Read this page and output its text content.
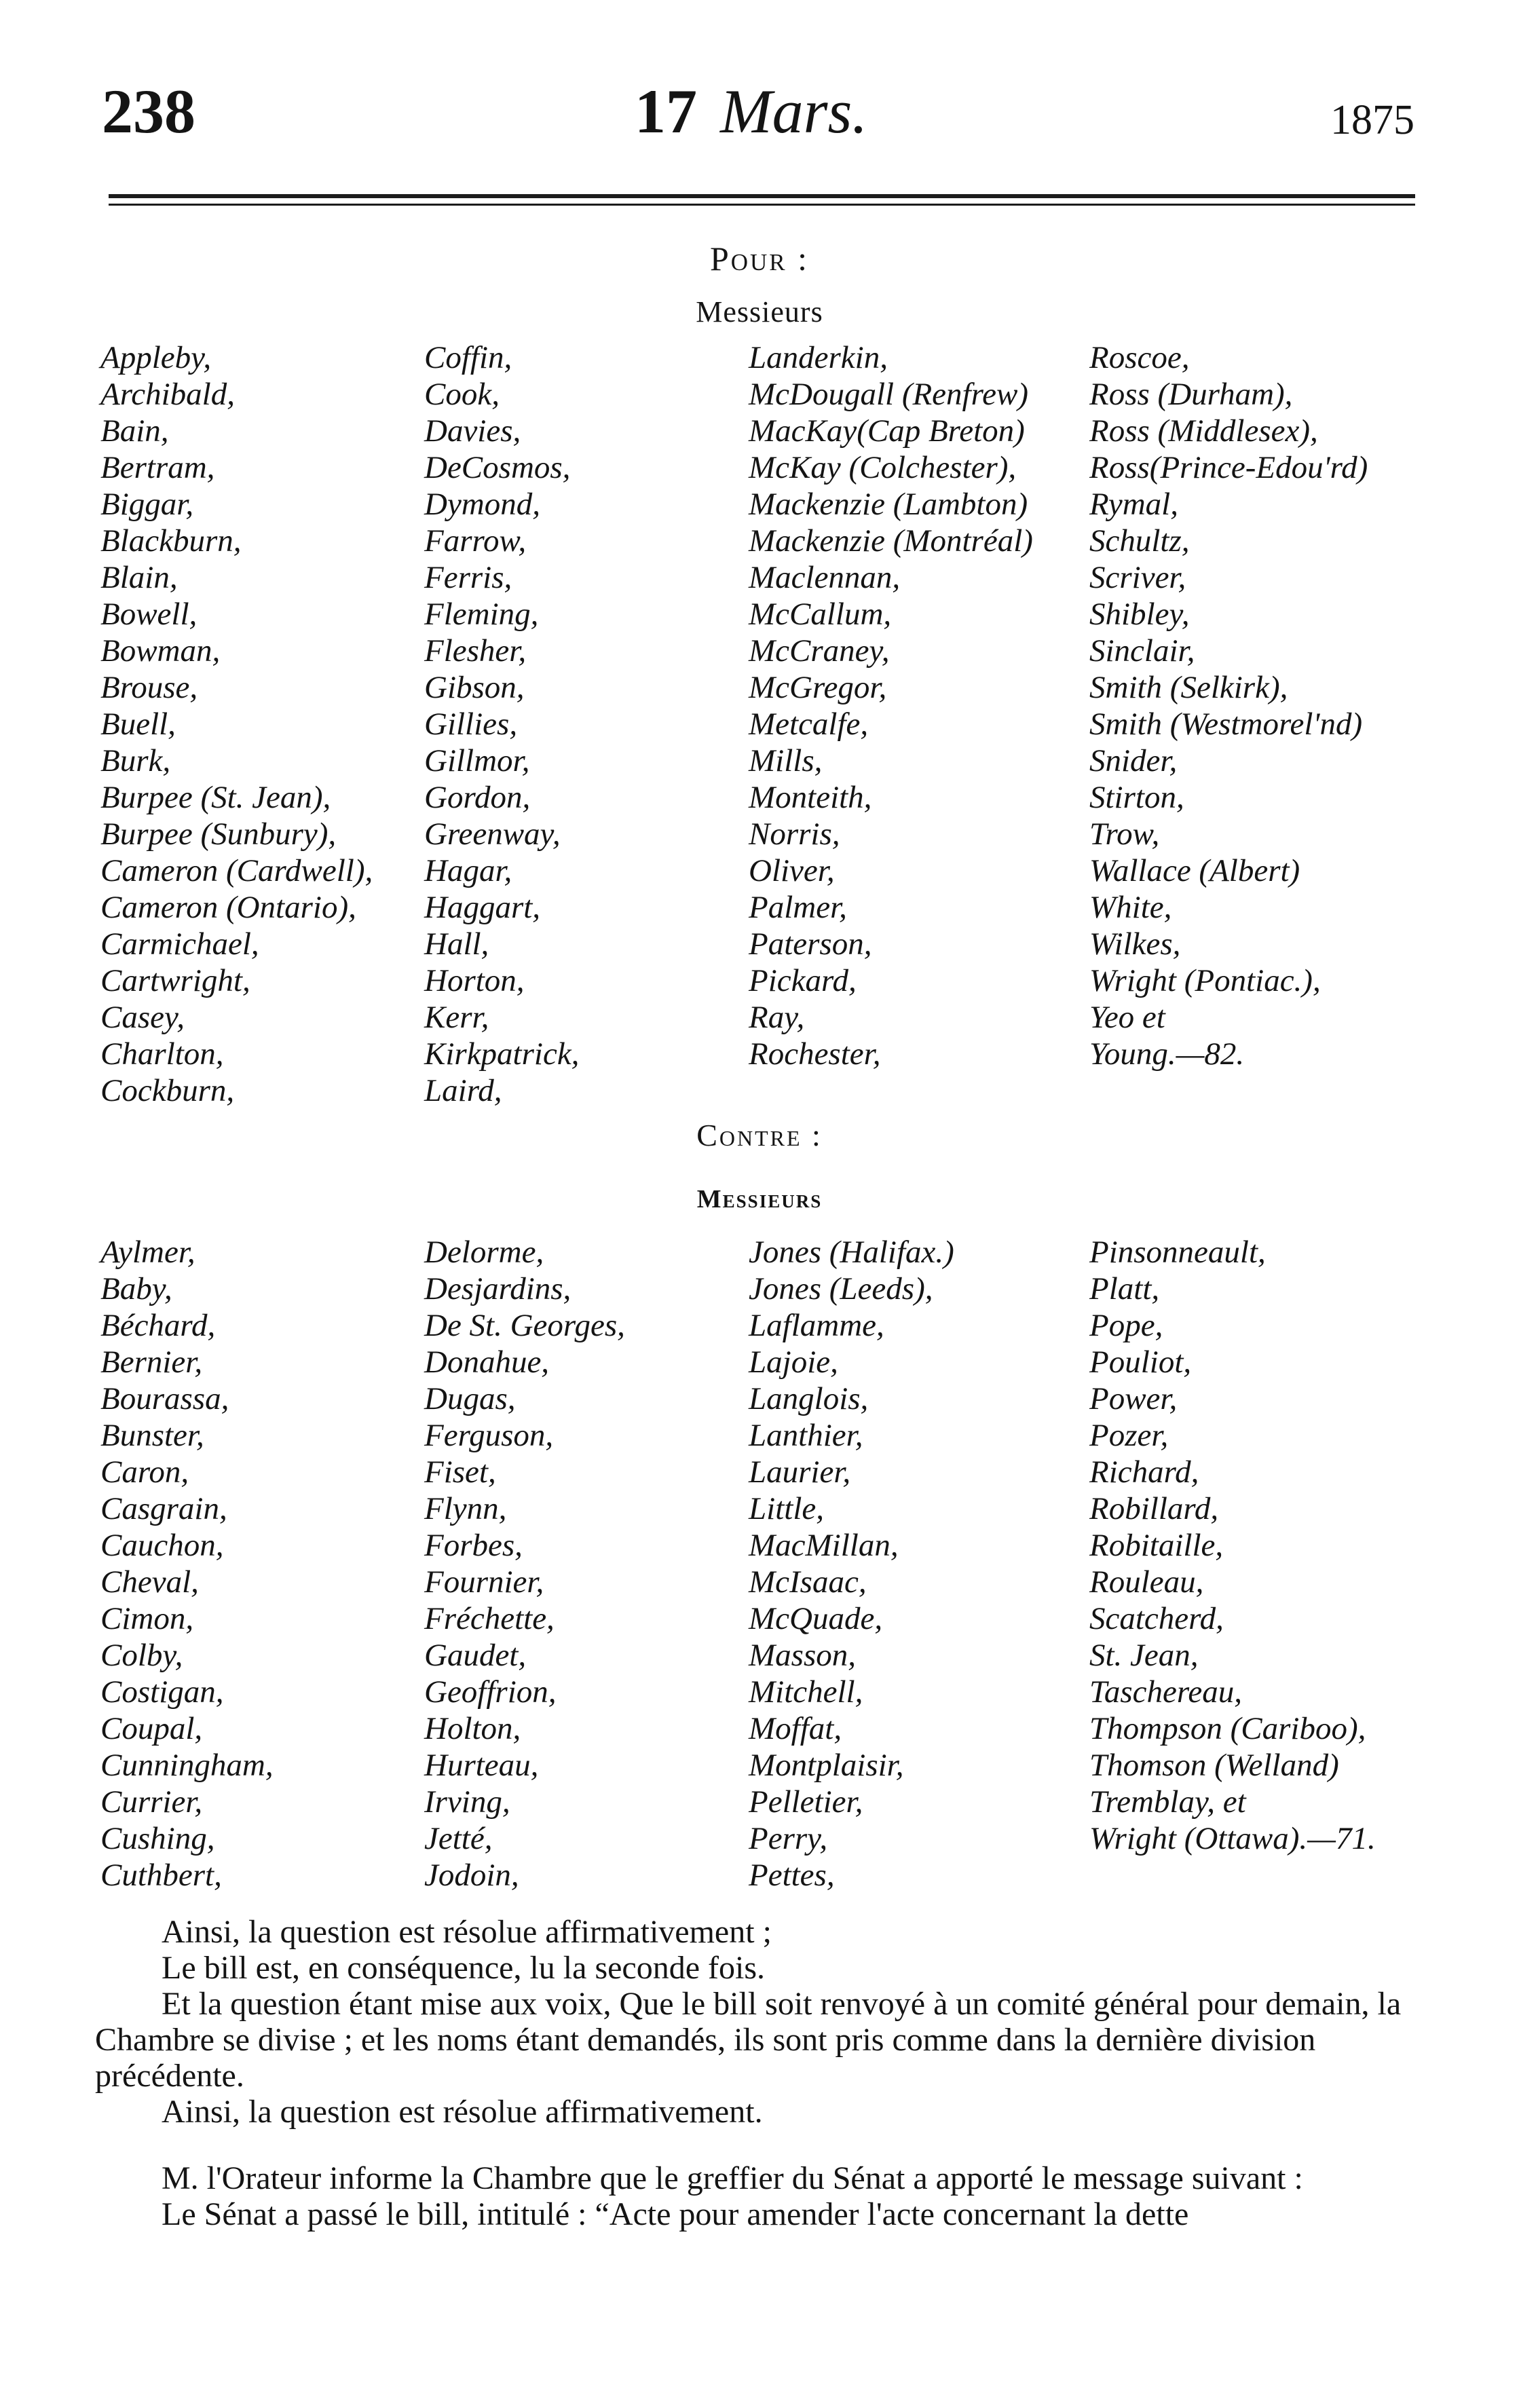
238	17 Mars.	1875
Pour :
Messieurs
Appleby,
Archibald,
Bain,
Bertram,
Biggar,
Blackburn,
Blain,
Bowell,
Bowman,
Brouse,
Buell,
Burk,
Burpee (St. Jean),
Burpee (Sunbury),
Cameron (Cardwell),
Cameron (Ontario),
Carmichael,
Cartwright,
Casey,
Charlton,
Cockburn,
Coffin,
Cook,
Davies,
DeCosmos,
Dymond,
Farrow,
Ferris,
Fleming,
Flesher,
Gibson,
Gillies,
Gillmor,
Gordon,
Greenway,
Hagar,
Haggart,
Hall,
Horton,
Kerr,
Kirkpatrick,
Laird,
Landerkin,
McDougall (Renfrew)
MacKay(Cap Breton)
McKay (Colchester),
Mackenzie (Lambton)
Mackenzie (Montréal)
Maclennan,
McCallum,
McCraney,
McGregor,
Metcalfe,
Mills,
Monteith,
Norris,
Oliver,
Palmer,
Paterson,
Pickard,
Ray,
Rochester,
Roscoe,
Ross (Durham),
Ross (Middlesex),
Ross(Prince-Edou'rd)
Rymal,
Schultz,
Scriver,
Shibley,
Sinclair,
Smith (Selkirk),
Smith (Westmorel'nd)
Snider,
Stirton,
Trow,
Wallace (Albert)
White,
Wilkes,
Wright (Pontiac.),
Yeo et
Young.—82.
Contre :
Messieurs
Aylmer,
Baby,
Béchard,
Bernier,
Bourassa,
Bunster,
Caron,
Casgrain,
Cauchon,
Cheval,
Cimon,
Colby,
Costigan,
Coupal,
Cunningham,
Currier,
Cushing,
Cuthbert,
Delorme,
Desjardins,
De St. Georges,
Donahue,
Dugas,
Ferguson,
Fiset,
Flynn,
Forbes,
Fournier,
Fréchette,
Gaudet,
Geoffrion,
Holton,
Hurteau,
Irving,
Jetté,
Jodoin,
Jones (Halifax.)
Jones (Leeds),
Laflamme,
Lajoie,
Langlois,
Lanthier,
Laurier,
Little,
MacMillan,
McIsaac,
McQuade,
Masson,
Mitchell,
Moffat,
Montplaisir,
Pelletier,
Perry,
Pettes,
Pinsonneault,
Platt,
Pope,
Pouliot,
Power,
Pozer,
Richard,
Robillard,
Robitaille,
Rouleau,
Scatcherd,
St. Jean,
Taschereau,
Thompson (Cariboo),
Thomson (Welland)
Tremblay, et
Wright (Ottawa).—71.

Ainsi, la question est résolue affirmativement ;

Le bill est, en conséquence, lu la seconde fois.

Et la question étant mise aux voix, Que le bill soit renvoyé à un comité général pour demain, la Chambre se divise ; et les noms étant demandés, ils sont pris comme dans la dernière division précédente.

Ainsi, la question est résolue affirmativement.

M. l'Orateur informe la Chambre que le greffier du Sénat a apporté le message suivant :

Le Sénat a passé le bill, intitulé : “Acte pour amender l'acte concernant la dette
